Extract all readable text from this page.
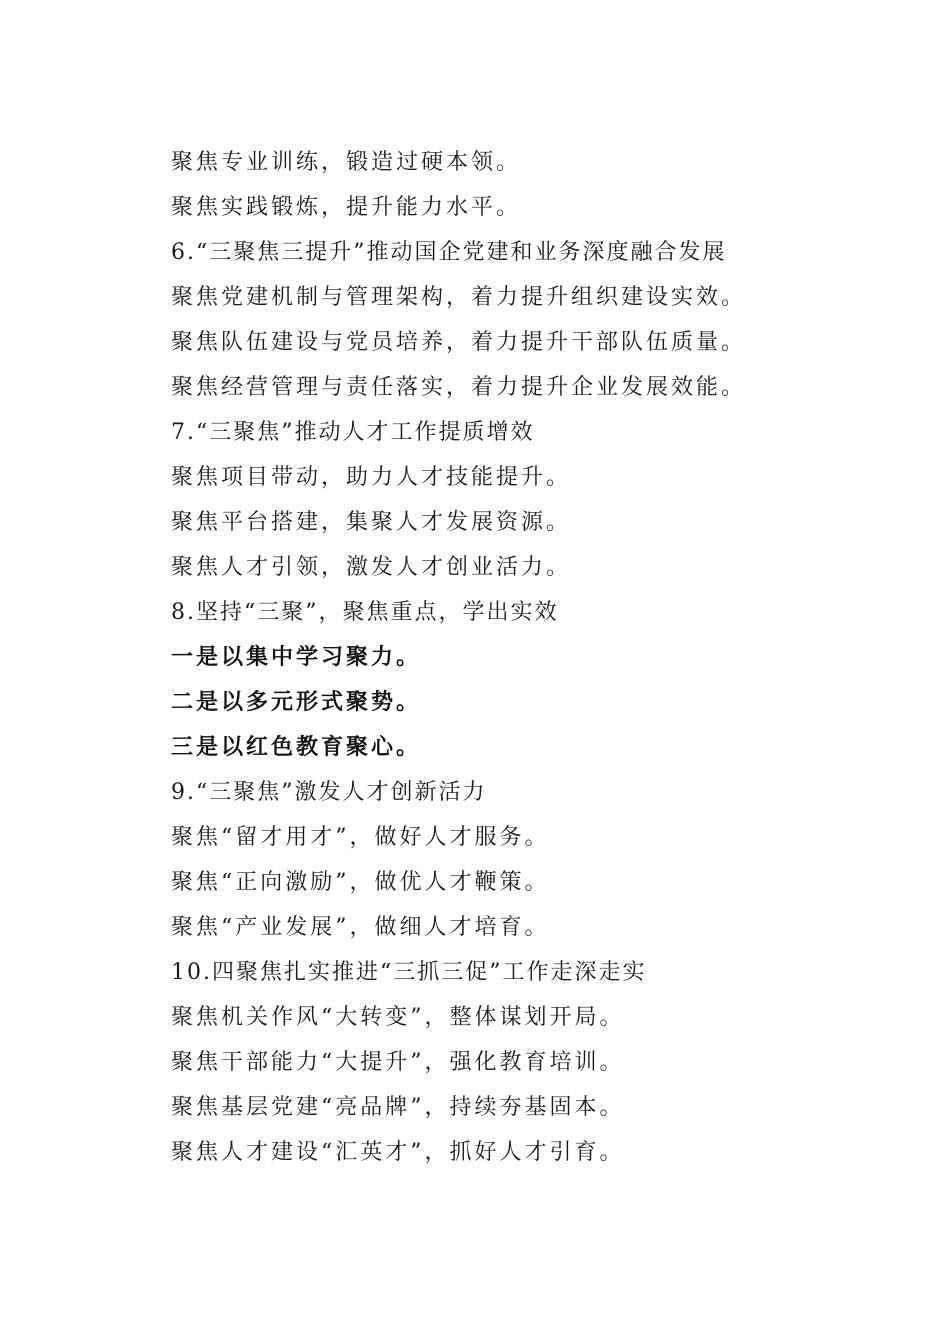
聚焦专业训练，锻造过硬本领。
聚焦实践锻炼，提升能力水平。
6.“三聚焦三提升”推动国企党建和业务深度融合发展
聚焦党建机制与管理架构，着力提升组织建设实效。
聚焦队伍建设与党员培养，着力提升干部队伍质量。
聚焦经营管理与责任落实，着力提升企业发展效能。
7.“三聚焦”推动人才工作提质增效
聚焦项目带动，助力人才技能提升。
聚焦平台搭建，集聚人才发展资源。
聚焦人才引领，激发人才创业活力。
8.坚持“三聚”，聚焦重点，学出实效
一是以集中学习聚力。
二是以多元形式聚势。
三是以红色教育聚心。
9.“三聚焦”激发人才创新活力
聚焦“留才用才”，做好人才服务。
聚焦“正向激励”，做优人才鞭策。
聚焦“产业发展”，做细人才培育。
10.四聚焦扎实推进“三抓三促”工作走深走实
聚焦机关作风“大转变”，整体谋划开局。
聚焦干部能力“大提升”，强化教育培训。
聚焦基层党建“亮品牌”，持续夯基固本。
聚焦人才建设“汇英才”，抓好人才引育。
